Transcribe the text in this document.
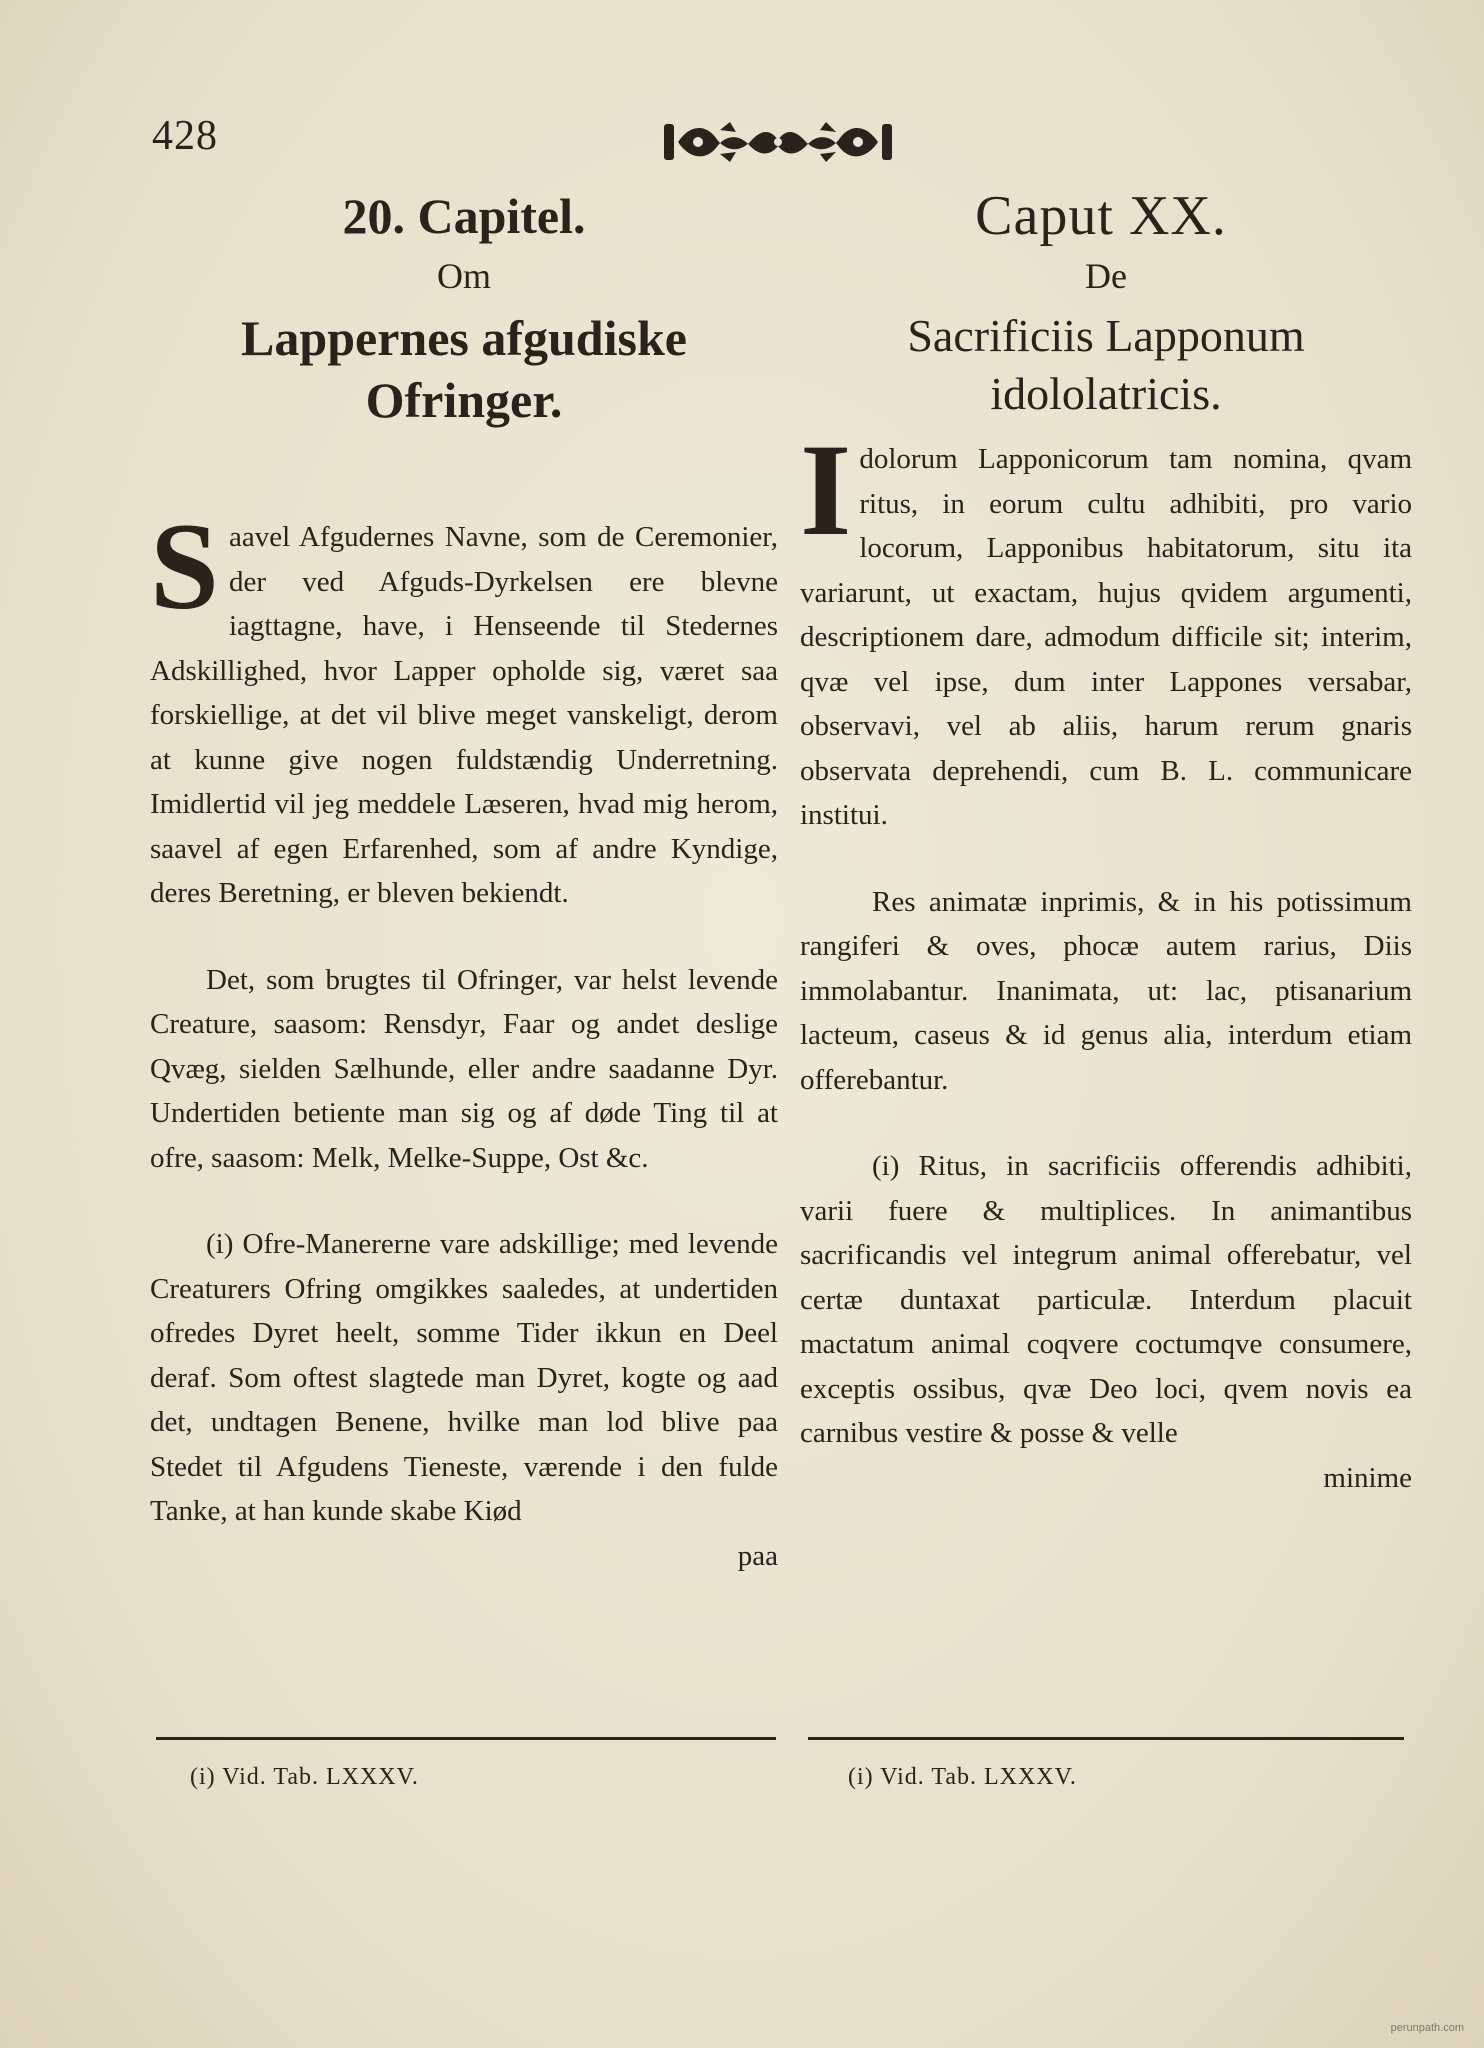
428
20. Capitel.
Om
Lappernes afgudiske Ofringer.

Saavel Afgudernes Navne, som de Ceremonier, der ved Afguds-Dyrkelsen ere blevne iagttagne, have, i Henseende til Stedernes Adskillighed, hvor Lapper opholde sig, været saa forskiellige, at det vil blive meget vanskeligt, derom at kunne give nogen fuldstændig Underretning. Imidlertid vil jeg meddele Læseren, hvad mig herom, saavel af egen Erfarenhed, som af andre Kyndige, deres Beretning, er bleven bekiendt.

Det, som brugtes til Ofringer, var helst levende Creature, saasom: Rensdyr, Faar og andet deslige Qvæg, sielden Sælhunde, eller andre saadanne Dyr. Undertiden betiente man sig og af døde Ting til at ofre, saasom: Melk, Melke-Suppe, Ost &c.

(i) Ofre-Manererne vare adskillige; med levende Creaturers Ofring omgikkes saaledes, at undertiden ofredes Dyret heelt, somme Tider ikkun en Deel deraf. Som oftest slagtede man Dyret, kogte og aad det, undtagen Benene, hvilke man lod blive paa Stedet til Afgudens Tieneste, værende i den fulde Tanke, at han kunde skabe Kiød

paa

Caput XX.
De
Sacrificiis Lapponum idololatricis.

Idolorum Lapponicorum tam nomina, qvam ritus, in eorum cultu adhibiti, pro vario locorum, Lapponibus habitatorum, situ ita variarunt, ut exactam, hujus qvidem argumenti, descriptionem dare, admodum difficile sit; interim, qvæ vel ipse, dum inter Lappones versabar, observavi, vel ab aliis, harum rerum gnaris observata deprehendi, cum B. L. communicare institui.

Res animatæ inprimis, & in his potissimum rangiferi & oves, phocæ autem rarius, Diis immolabantur. Inanimata, ut: lac, ptisanarium lacteum, caseus & id genus alia, interdum etiam offerebantur.

(i) Ritus, in sacrificiis offerendis adhibiti, varii fuere & multiplices. In animantibus sacrificandis vel integrum animal offerebatur, vel certæ duntaxat particulæ. Interdum placuit mactatum animal coqvere coctumqve consumere, exceptis ossibus, qvæ Deo loci, qvem novis ea carnibus vestire & posse & velle

minime

(i) Vid. Tab. LXXXV.	(i) Vid. Tab. LXXXV.
perunpath.com
